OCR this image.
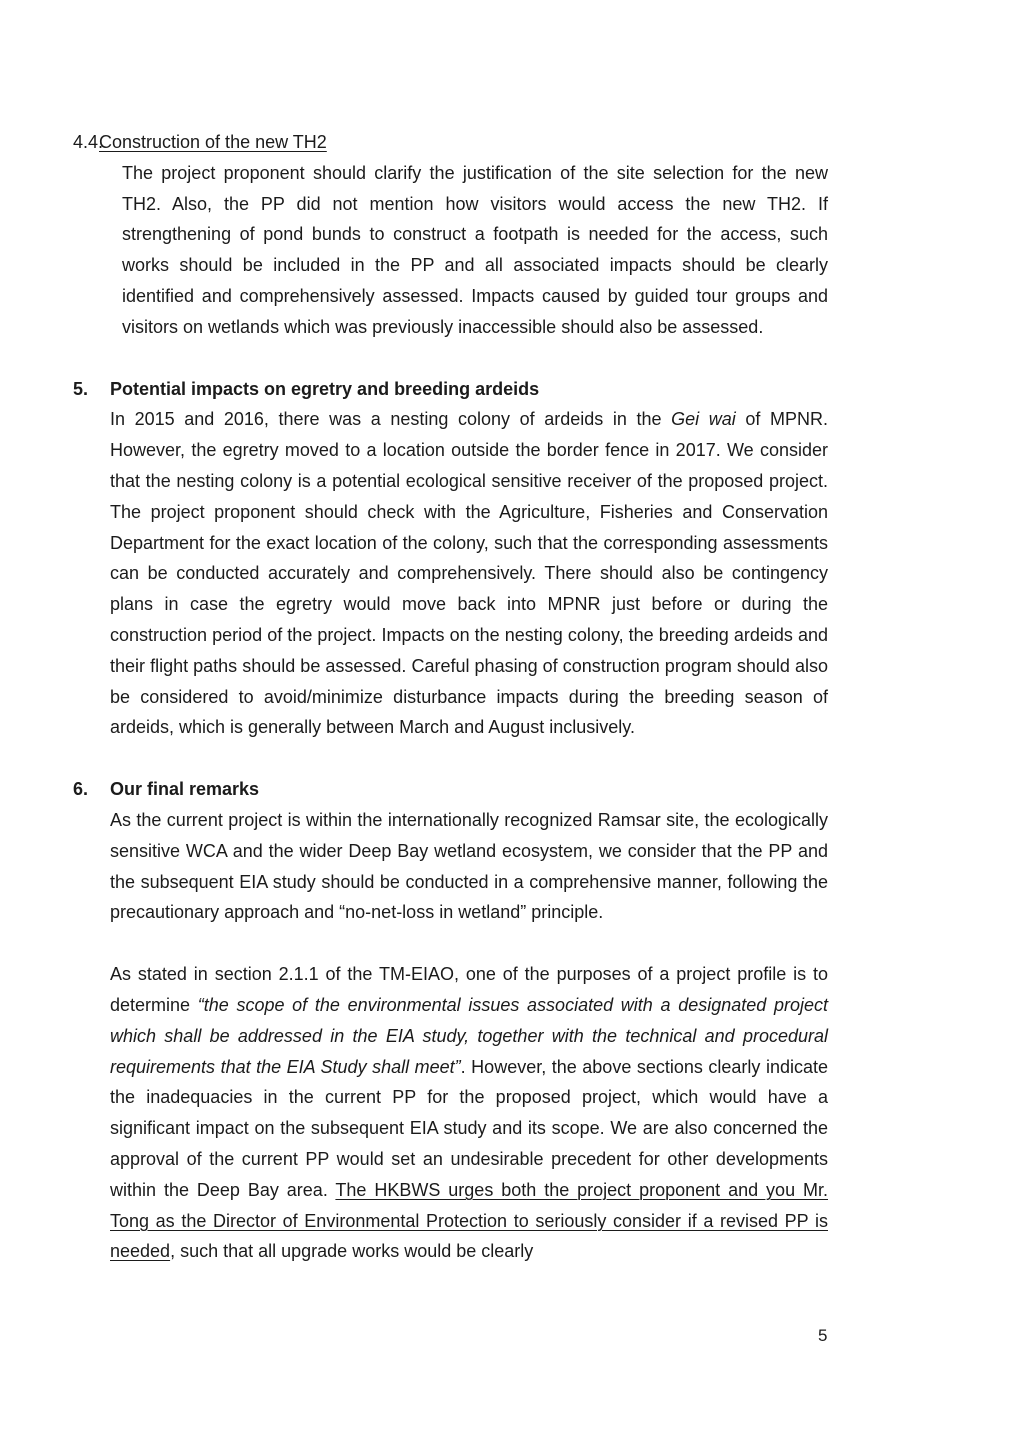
4.4.
Construction of the new TH2

The project proponent should clarify the justification of the site selection for the new TH2. Also, the PP did not mention how visitors would access the new TH2. If strengthening of pond bunds to construct a footpath is needed for the access, such works should be included in the PP and all associated impacts should be clearly identified and comprehensively assessed. Impacts caused by guided tour groups and visitors on wetlands which was previously inaccessible should also be assessed.

5. Potential impacts on egretry and breeding ardeids

In 2015 and 2016, there was a nesting colony of ardeids in the Gei wai of MPNR. However, the egretry moved to a location outside the border fence in 2017. We consider that the nesting colony is a potential ecological sensitive receiver of the proposed project. The project proponent should check with the Agriculture, Fisheries and Conservation Department for the exact location of the colony, such that the corresponding assessments can be conducted accurately and comprehensively. There should also be contingency plans in case the egretry would move back into MPNR just before or during the construction period of the project. Impacts on the nesting colony, the breeding ardeids and their flight paths should be assessed. Careful phasing of construction program should also be considered to avoid/minimize disturbance impacts during the breeding season of ardeids, which is generally between March and August inclusively.

6. Our final remarks

As the current project is within the internationally recognized Ramsar site, the ecologically sensitive WCA and the wider Deep Bay wetland ecosystem, we consider that the PP and the subsequent EIA study should be conducted in a comprehensive manner, following the precautionary approach and “no-net-loss in wetland” principle.

As stated in section 2.1.1 of the TM-EIAO, one of the purposes of a project profile is to determine “the scope of the environmental issues associated with a designated project which shall be addressed in the EIA study, together with the technical and procedural requirements that the EIA Study shall meet”. However, the above sections clearly indicate the inadequacies in the current PP for the proposed project, which would have a significant impact on the subsequent EIA study and its scope. We are also concerned the approval of the current PP would set an undesirable precedent for other developments within the Deep Bay area. The HKBWS urges both the project proponent and you Mr. Tong as the Director of Environmental Protection to seriously consider if a revised PP is needed, such that all upgrade works would be clearly

5
